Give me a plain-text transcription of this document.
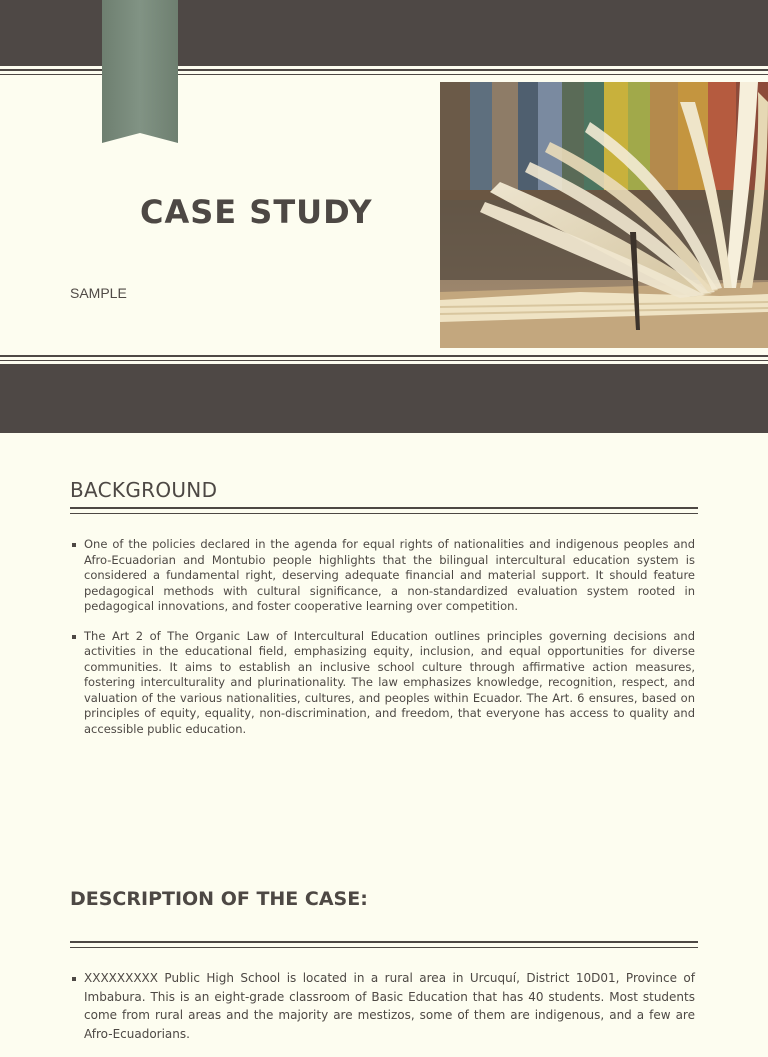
CASE STUDY
SAMPLE
BACKGROUND
One of the policies declared in the agenda for equal rights of nationalities and indigenous peoples and Afro-Ecuadorian and Montubio people highlights that the bilingual intercultural education system is considered a fundamental right, deserving adequate financial and material support. It should feature pedagogical methods with cultural significance, a non-standardized evaluation system rooted in pedagogical innovations, and foster cooperative learning over competition.
The Art 2 of The Organic Law of Intercultural Education outlines principles governing decisions and activities in the educational field, emphasizing equity, inclusion, and equal opportunities for diverse communities. It aims to establish an inclusive school culture through affirmative action measures, fostering interculturality and plurinationality. The law emphasizes knowledge, recognition, respect, and valuation of the various nationalities, cultures, and peoples within Ecuador. The Art. 6 ensures, based on principles of equity, equality, non-discrimination, and freedom, that everyone has access to quality and accessible public education.
DESCRIPTION OF THE CASE:
XXXXXXXXX Public High School is located in a rural area in Urcuquí, District 10D01, Province of Imbabura. This is an eight-grade classroom of Basic Education that has 40 students. Most students come from rural areas and the majority are mestizos, some of them are indigenous, and a few are Afro-Ecuadorians.
